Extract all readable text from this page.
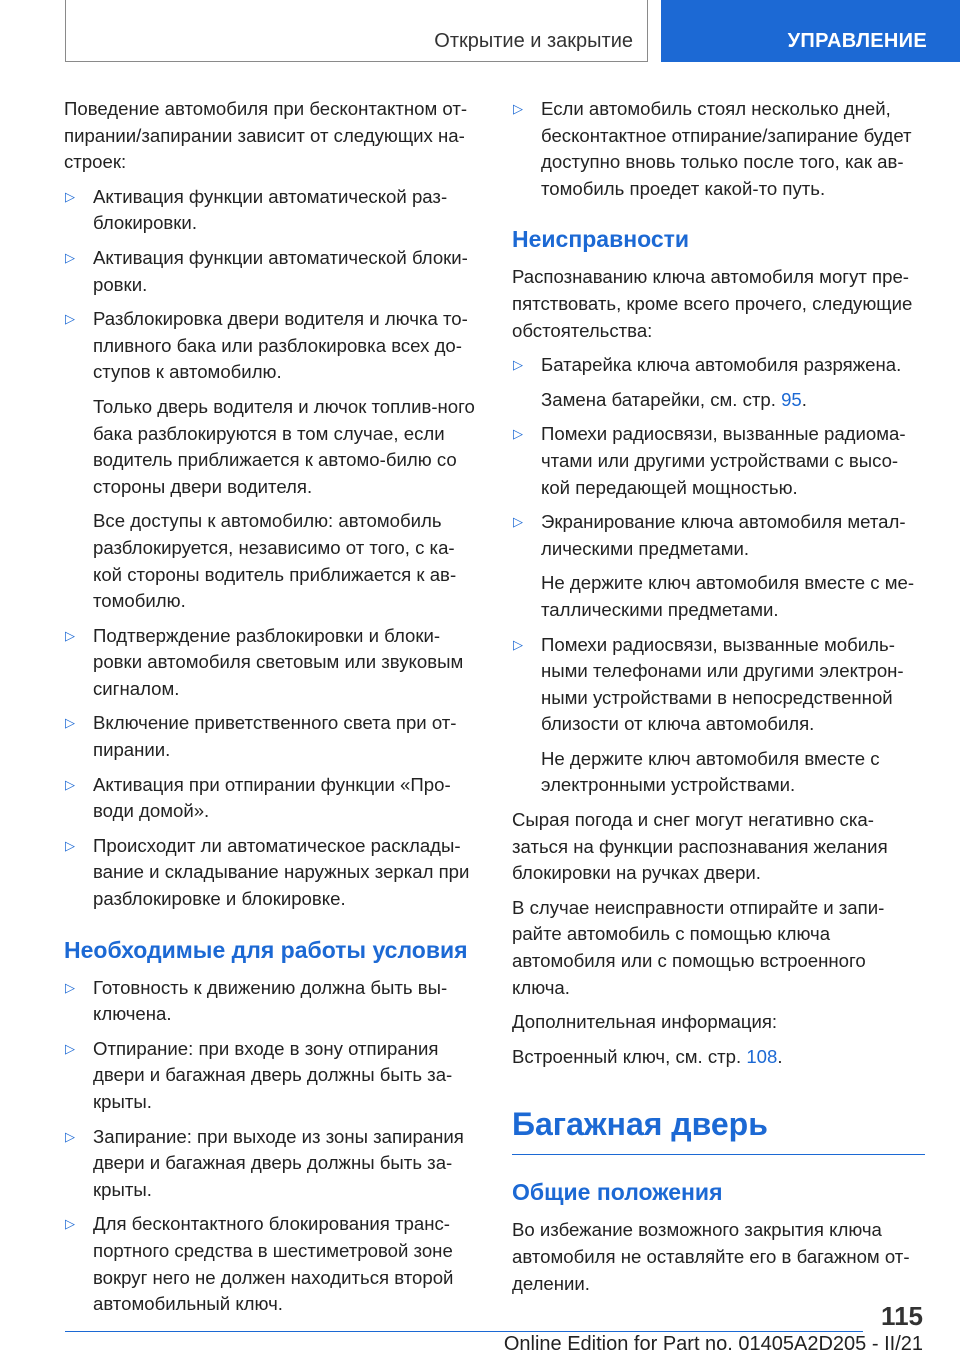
Открытие и закрытие	УПРАВЛЕНИЕ

Поведение автомобиля при бесконтактном от-пирании/запирании зависит от следующих на-строек:

▷ Активация функции автоматической раз-блокировки.
▷ Активация функции автоматической блоки-ровки.
▷ Разблокировка двери водителя и лючка то-пливного бака или разблокировка всех до-ступов к автомобилю.

Только дверь водителя и лючок топлив-ного бака разблокируются в том случае, если водитель приближается к автомо-билю со стороны двери водителя.

Все доступы к автомобилю: автомобиль разблокируется, независимо от того, с ка-кой стороны водитель приближается к ав-томобилю.

▷ Подтверждение разблокировки и блоки-ровки автомобиля световым или звуковым сигналом.
▷ Включение приветственного света при от-пирании.
▷ Активация при отпирании функции «Про-води домой».
▷ Происходит ли автоматическое расклады-вание и складывание наружных зеркал при разблокировке и блокировке.
Необходимые для работы условия
▷ Готовность к движению должна быть вы-ключена.
▷ Отпирание: при входе в зону отпирания двери и багажная дверь должны быть за-крыты.
▷ Запирание: при выходе из зоны запирания двери и багажная дверь должны быть за-крыты.
▷ Для бесконтактного блокирования транс-портного средства в шестиметровой зоне вокруг него не должен находиться второй автомобильный ключ.
▷ Если автомобиль стоял несколько дней, бесконтактное отпирание/запирание будет доступно вновь только после того, как ав-томобиль проедет какой-то путь.
Неисправности

Распознаванию ключа автомобиля могут пре-пятствовать, кроме всего прочего, следующие обстоятельства:

▷ Батарейка ключа автомобиля разряжена.

Замена батарейки, см. стр. 95.

▷ Помехи радиосвязи, вызванные радиома-чтами или другими устройствами с высо-кой передающей мощностью.
▷ Экранирование ключа автомобиля метал-лическими предметами.

Не держите ключ автомобиля вместе с ме-таллическими предметами.

▷ Помехи радиосвязи, вызванные мобиль-ными телефонами или другими электрон-ными устройствами в непосредственной близости от ключа автомобиля.

Не держите ключ автомобиля вместе с электронными устройствами.

Сырая погода и снег могут негативно ска-заться на функции распознавания желания блокировки на ручках двери.

В случае неисправности отпирайте и запи-райте автомобиль с помощью ключа автомобиля или с помощью встроенного ключа.

Дополнительная информация:

Встроенный ключ, см. стр. 108.

Багажная дверь
Общие положения

Во избежание возможного закрытия ключа автомобиля не оставляйте его в багажном от-делении.

115
Online Edition for Part no. 01405A2D205 - II/21
